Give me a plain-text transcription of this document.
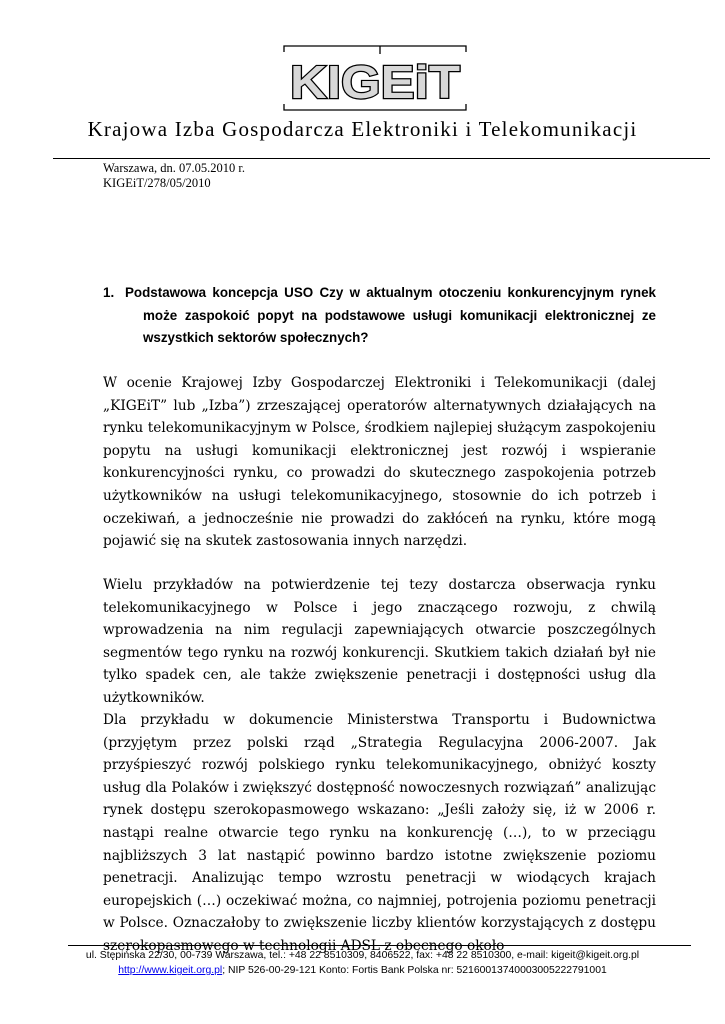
KIGEiT
Krajowa Izba Gospodarcza Elektroniki i Telekomunikacji

Warszawa, dn. 07.05.2010 r.

KIGEiT/278/05/2010

1. Podstawowa koncepcja USO Czy w aktualnym otoczeniu konkurencyjnym rynek może zaspokoić popyt na podstawowe usługi komunikacji elektronicznej ze wszystkich sektorów społecznych?

W ocenie Krajowej Izby Gospodarczej Elektroniki i Telekomunikacji (dalej „KIGEiT” lub „Izba”) zrzeszającej operatorów alternatywnych działających na rynku telekomunikacyjnym w Polsce, środkiem najlepiej służącym zaspokojeniu popytu na usługi komunikacji elektronicznej jest rozwój i wspieranie konkurencyjności rynku, co prowadzi do skutecznego zaspokojenia potrzeb użytkowników na usługi telekomunikacyjnego, stosownie do ich potrzeb i oczekiwań, a jednocześnie nie prowadzi do zakłóceń na rynku, które mogą pojawić się na skutek zastosowania innych narzędzi.

Wielu przykładów na potwierdzenie tej tezy dostarcza obserwacja rynku telekomunikacyjnego w Polsce i jego znaczącego rozwoju, z chwilą wprowadzenia na nim regulacji zapewniających otwarcie poszczególnych segmentów tego rynku na rozwój konkurencji. Skutkiem takich działań był nie tylko spadek cen, ale także zwiększenie penetracji i dostępności usług dla użytkowników.

Dla przykładu w dokumencie Ministerstwa Transportu i Budownictwa (przyjętym przez polski rząd „Strategia Regulacyjna 2006-2007. Jak przyśpieszyć rozwój polskiego rynku telekomunikacyjnego, obniżyć koszty usług dla Polaków i zwiększyć dostępność nowoczesnych rozwiązań” analizując rynek dostępu szerokopasmowego wskazano: „Jeśli założy się, iż w 2006 r. nastąpi realne otwarcie tego rynku na konkurencję (…), to w przeciągu najbliższych 3 lat nastąpić powinno bardzo istotne zwiększenie poziomu penetracji. Analizując tempo wzrostu penetracji w wiodących krajach europejskich (…) oczekiwać można, co najmniej, potrojenia poziomu penetracji w Polsce. Oznaczałoby to zwiększenie liczby klientów korzystających z dostępu szerokopasmowego w technologii ADSL z obecnego około

ul. Stępińska 22/30, 00-739 Warszawa, tel.: +48 22 8510309, 8406522, fax: +48 22 8510300, e-mail: kigeit@kigeit.org.pl

http://www.kigeit.org.pl; NIP 526-00-29-121 Konto: Fortis Bank Polska nr: 52160013740003005222791001
